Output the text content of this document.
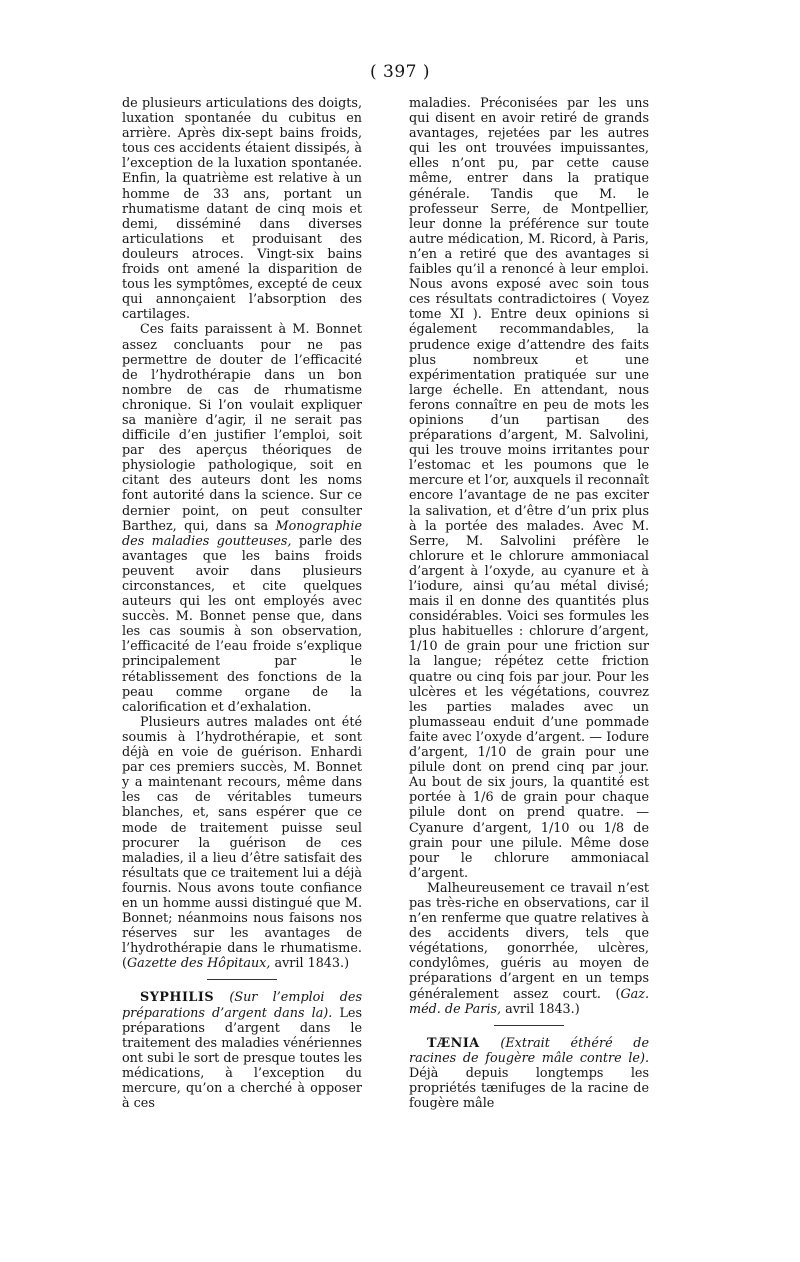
( 397 )

de plusieurs articulations des doigts, luxation spontanée du cubitus en arrière. Après dix-sept bains froids, tous ces accidents étaient dissipés, à l’exception de la luxation spontanée. Enfin, la quatrième est relative à un homme de 33 ans, portant un rhumatisme datant de cinq mois et demi, disséminé dans diverses articulations et produisant des douleurs atroces. Vingt-six bains froids ont amené la disparition de tous les symptômes, excepté de ceux qui annonçaient l’absorption des cartilages.

Ces faits paraissent à M. Bonnet assez concluants pour ne pas permettre de douter de l’efficacité de l’hydrothérapie dans un bon nombre de cas de rhumatisme chronique. Si l’on voulait expliquer sa manière d’agir, il ne serait pas difficile d’en justifier l’emploi, soit par des aperçus théoriques de physiologie pathologique, soit en citant des auteurs dont les noms font autorité dans la science. Sur ce dernier point, on peut consulter Barthez, qui, dans sa Monographie des maladies goutteuses, parle des avantages que les bains froids peuvent avoir dans plusieurs circonstances, et cite quelques auteurs qui les ont employés avec succès. M. Bonnet pense que, dans les cas soumis à son observation, l’efficacité de l’eau froide s’explique principalement par le rétablissement des fonctions de la peau comme organe de la calorification et d’exhalation.

Plusieurs autres malades ont été soumis à l’hydrothérapie, et sont déjà en voie de guérison. Enhardi par ces premiers succès, M. Bonnet y a maintenant recours, même dans les cas de véritables tumeurs blanches, et, sans espérer que ce mode de traitement puisse seul procurer la guérison de ces maladies, il a lieu d’être satisfait des résultats que ce traitement lui a déjà fournis. Nous avons toute confiance en un homme aussi distingué que M. Bonnet; néanmoins nous faisons nos réserves sur les avantages de l’hydrothérapie dans le rhumatisme. (Gazette des Hôpitaux, avril 1843.)

SYPHILIS (Sur l’emploi des préparations d’argent dans la). Les préparations d’argent dans le traitement des maladies vénériennes ont subi le sort de presque toutes les médications, à l’exception du mercure, qu’on a cherché à opposer à ces

maladies. Préconisées par les uns qui disent en avoir retiré de grands avantages, rejetées par les autres qui les ont trouvées impuissantes, elles n’ont pu, par cette cause même, entrer dans la pratique générale. Tandis que M. le professeur Serre, de Montpellier, leur donne la préférence sur toute autre médication, M. Ricord, à Paris, n’en a retiré que des avantages si faibles qu’il a renoncé à leur emploi. Nous avons exposé avec soin tous ces résultats contradictoires ( Voyez tome XI ). Entre deux opinions si également recommandables, la prudence exige d’attendre des faits plus nombreux et une expérimentation pratiquée sur une large échelle. En attendant, nous ferons connaître en peu de mots les opinions d’un partisan des préparations d’argent, M. Salvolini, qui les trouve moins irritantes pour l’estomac et les poumons que le mercure et l’or, auxquels il reconnaît encore l’avantage de ne pas exciter la salivation, et d’être d’un prix plus à la portée des malades. Avec M. Serre, M. Salvolini préfère le chlorure et le chlorure ammoniacal d’argent à l’oxyde, au cyanure et à l’iodure, ainsi qu’au métal divisé; mais il en donne des quantités plus considérables. Voici ses formules les plus habituelles : chlorure d’argent, 1/10 de grain pour une friction sur la langue; répétez cette friction quatre ou cinq fois par jour. Pour les ulcères et les végétations, couvrez les parties malades avec un plumasseau enduit d’une pommade faite avec l’oxyde d’argent. — Iodure d’argent, 1/10 de grain pour une pilule dont on prend cinq par jour. Au bout de six jours, la quantité est portée à 1/6 de grain pour chaque pilule dont on prend quatre. — Cyanure d’argent, 1/10 ou 1/8 de grain pour une pilule. Même dose pour le chlorure ammoniacal d’argent.

Malheureusement ce travail n’est pas très-riche en observations, car il n’en renferme que quatre relatives à des accidents divers, tels que végétations, gonorrhée, ulcères, condylômes, guéris au moyen de préparations d’argent en un temps généralement assez court. (Gaz. méd. de Paris, avril 1843.)

TÆNIA (Extrait éthéré de racines de fougère mâle contre le). Déjà depuis longtemps les propriétés tænifuges de la racine de fougère mâle
